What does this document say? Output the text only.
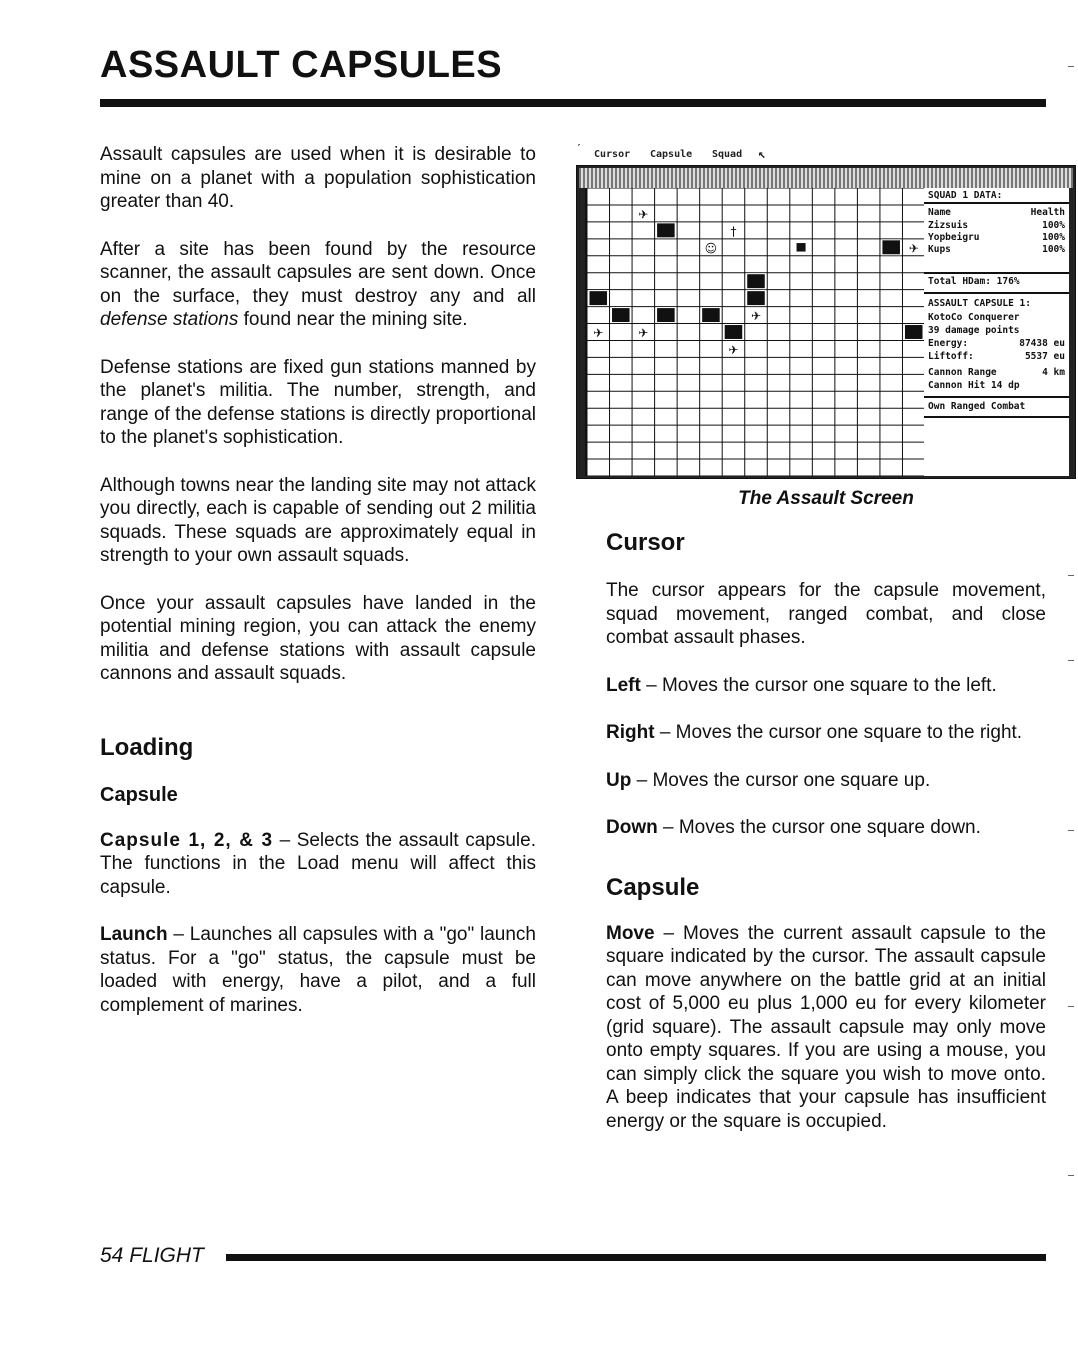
ASSAULT CAPSULES

Assault capsules are used when it is desirable to mine on a planet with a population sophistication greater than 40.

After a site has been found by the resource scanner, the assault capsules are sent down. Once on the surface, they must destroy any and all defense stations found near the mining site.

Defense stations are fixed gun stations manned by the planet's militia. The number, strength, and range of the defense stations is directly proportional to the planet's sophistication.

Although towns near the landing site may not attack you directly, each is capable of sending out 2 militia squads. These squads are approximately equal in strength to your own assault squads.

Once your assault capsules have landed in the potential mining region, you can attack the enemy militia and defense stations with assault capsule cannons and assault squads.

Loading
Capsule

Capsule 1, 2, & 3 – Selects the assault capsule. The functions in the Load menu will affect this capsule.

Launch – Launches all capsules with a "go" launch status. For a "go" status, the capsule must be loaded with energy, have a pilot, and a full complement of marines.

′
Cursor Capsule Squad ↖
✈
†
☺	✈
✈
✈	✈
✈
SQUAD 1 DATA:
Name	Health
Zizsuis	100%
Yopbeigru	100%
Kups	100%
Total HDam: 176%
ASSAULT CAPSULE 1:
KotoCo Conquerer
39 damage points
Energy:	87438 eu
Liftoff:	5537 eu
Cannon Range	4 km
Cannon Hit 14 dp
Own Ranged Combat
The Assault Screen
Cursor

The cursor appears for the capsule movement, squad movement, ranged combat, and close combat assault phases.

Left – Moves the cursor one square to the left.

Right – Moves the cursor one square to the right.

Up – Moves the cursor one square up.

Down – Moves the cursor one square down.

Capsule

Move – Moves the current assault capsule to the square indicated by the cursor. The assault capsule can move anywhere on the battle grid at an initial cost of 5,000 eu plus 1,000 eu for every kilometer (grid square). The assault capsule may only move onto empty squares. If you are using a mouse, you can simply click the square you wish to move onto. A beep indicates that your capsule has insufficient energy or the square is occupied.

54 FLIGHT
